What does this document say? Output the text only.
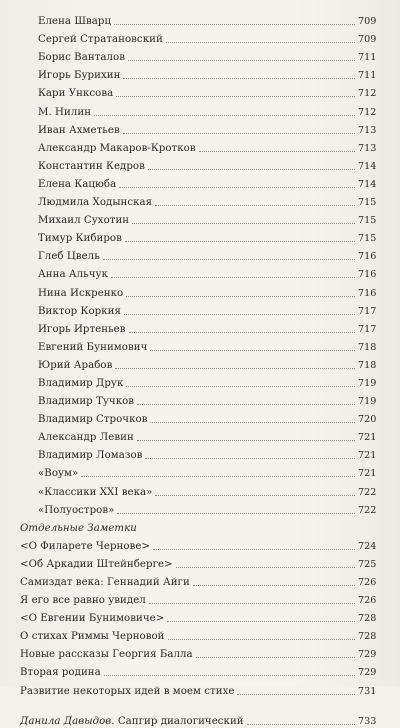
Елена Шварц	709
Сергей Стратановский	709
Борис Ванталов	711
Игорь Бурихин	711
Кари Унксова	712
М. Нилин	712
Иван Ахметьев	713
Александр Макаров-Кротков	713
Константин Кедров	714
Елена Кацюба	714
Людмила Ходынская	715
Михаил Сухотин	715
Тимур Кибиров	715
Глеб Цвель	716
Анна Альчук	716
Нина Искренко	716
Виктор Коркия	717
Игорь Иртеньев	717
Евгений Бунимович	718
Юрий Арабов	718
Владимир Друк	719
Владимир Тучков	719
Владимир Строчков	720
Александр Левин	721
Владимир Ломазов	721
«Воум»	721
«Классики XXI века»	722
«Полуостров»	722
Отдельные Заметки
<О Филарете Чернове>	724
<Об Аркадии Штейнберге>	725
Самиздат века: Геннадий Айги	726
Я его все равно увидел	726
<О Евгении Бунимовиче>	728
О стихах Риммы Черновой	728
Новые рассказы Георгия Балла	729
Вторая родина	729
Развитие некоторых идей в моем стихе	731
Данила Давыдов. Сапгир диалогический	733
